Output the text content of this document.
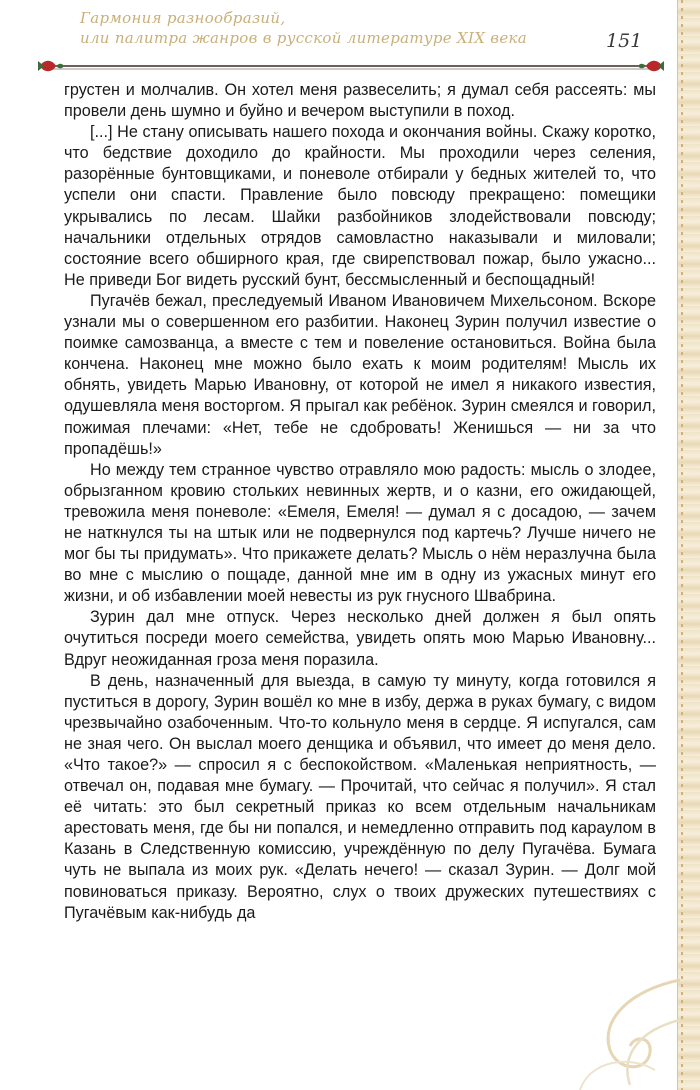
Гармония разнообразий,
или палитра жанров в русской литературе XIX века	151

грустен и молчалив. Он хотел меня развеселить; я думал себя рассеять: мы провели день шумно и буйно и вечером выступили в поход.

[...] Не стану описывать нашего похода и окончания войны. Скажу коротко, что бедствие доходило до крайности. Мы проходили через селения, разорённые бунтовщиками, и поневоле отбирали у бедных жителей то, что успели они спасти. Правление было повсюду прекращено: помещики укрывались по лесам. Шайки разбойников злодействовали повсюду; начальники отдельных отрядов самовластно наказывали и миловали; состояние всего обширного края, где свирепствовал пожар, было ужасно... Не приведи Бог видеть русский бунт, бессмысленный и беспощадный!

Пугачёв бежал, преследуемый Иваном Ивановичем Михельсоном. Вскоре узнали мы о совершенном его разбитии. Наконец Зурин получил известие о поимке самозванца, а вместе с тем и повеление остановиться. Война была кончена. Наконец мне можно было ехать к моим родителям! Мысль их обнять, увидеть Марью Ивановну, от которой не имел я никакого известия, одушевляла меня восторгом. Я прыгал как ребёнок. Зурин смеялся и говорил, пожимая плечами: «Нет, тебе не сдобровать! Женишься — ни за что пропадёшь!»

Но между тем странное чувство отравляло мою радость: мысль о злодее, обрызганном кровию стольких невинных жертв, и о казни, его ожидающей, тревожила меня поневоле: «Емеля, Емеля! — думал я с досадою, — зачем не наткнулся ты на штык или не подвернулся под картечь? Лучше ничего не мог бы ты придумать». Что прикажете делать? Мысль о нём неразлучна была во мне с мыслию о пощаде, данной мне им в одну из ужасных минут его жизни, и об избавлении моей невесты из рук гнусного Швабрина.

Зурин дал мне отпуск. Через несколько дней должен я был опять очутиться посреди моего семейства, увидеть опять мою Марью Ивановну... Вдруг неожиданная гроза меня поразила.

В день, назначенный для выезда, в самую ту минуту, когда готовился я пуститься в дорогу, Зурин вошёл ко мне в избу, держа в руках бумагу, с видом чрезвычайно озабоченным. Что-то кольнуло меня в сердце. Я испугался, сам не зная чего. Он выслал моего денщика и объявил, что имеет до меня дело. «Что такое?» — спросил я с беспокойством. «Маленькая неприятность, — отвечал он, подавая мне бумагу. — Прочитай, что сейчас я получил». Я стал её читать: это был секретный приказ ко всем отдельным начальникам арестовать меня, где бы ни попался, и немедленно отправить под караулом в Казань в Следственную комиссию, учреждённую по делу Пугачёва. Бумага чуть не выпала из моих рук. «Делать нечего! — сказал Зурин. — Долг мой повиноваться приказу. Вероятно, слух о твоих дружеских путешествиях с Пугачёвым как-нибудь да
